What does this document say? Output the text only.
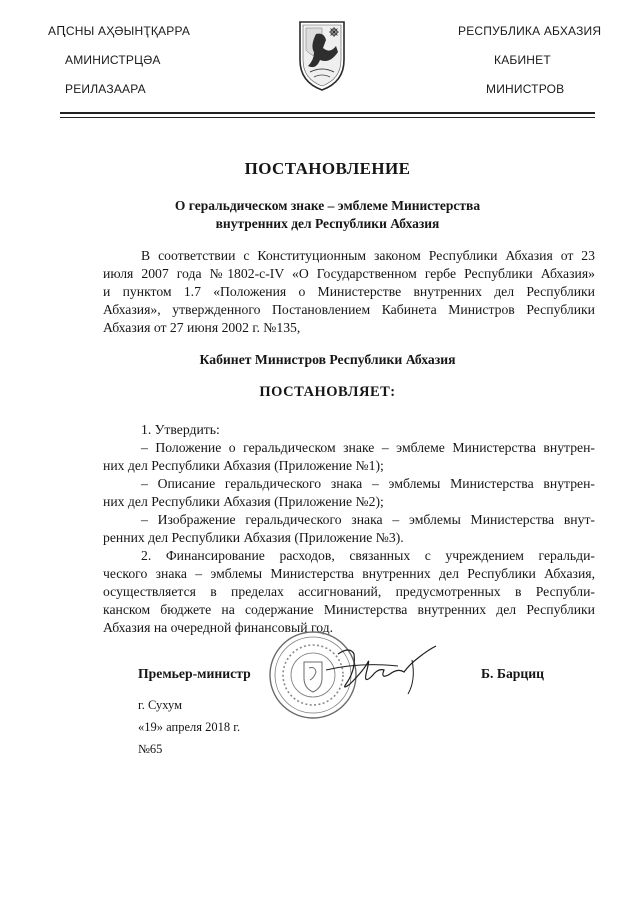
АԤСНЫ АҲӘЫНҬҚАРРА
АМИНИСТРЦӘА
РЕИЛАЗААРА
РЕСПУБЛИКА АБХАЗИЯ
КАБИНЕТ
МИНИСТРОВ
ПОСТАНОВЛЕНИЕ
О геральдическом знаке – эмблеме Министерства
внутренних дел Республики Абхазия
В соответствии с Конституционным законом Республики Абхазия от 23
июля 2007 года №1802-с-IV «О Государственном гербе Республики Абхазия»
и пунктом 1.7 «Положения о Министерстве внутренних дел Республики
Абхазия», утвержденного Постановлением Кабинета Министров Республики
Абхазия от 27 июня 2002 г. №135,
Кабинет Министров Республики Абхазия
ПОСТАНОВЛЯЕТ:
1. Утвердить:
– Положение о геральдическом знаке – эмблеме Министерства внутрен-
них дел Республики Абхазия (Приложение №1);
– Описание геральдического знака – эмблемы Министерства внутрен-
них дел Республики Абхазия (Приложение №2);
– Изображение геральдического знака – эмблемы Министерства внут-
ренних дел Республики Абхазия (Приложение №3).
2. Финансирование расходов, связанных с учреждением геральди-
ческого знака – эмблемы Министерства внутренних дел Республики Абхазия,
осуществляется в пределах ассигнований, предусмотренных в Республи-
канском бюджете на содержание Министерства внутренних дел Республики
Абхазия на очередной финансовый год.
Премьер-министр	Б. Барциц
г. Сухум
«19» апреля 2018 г.
№65
